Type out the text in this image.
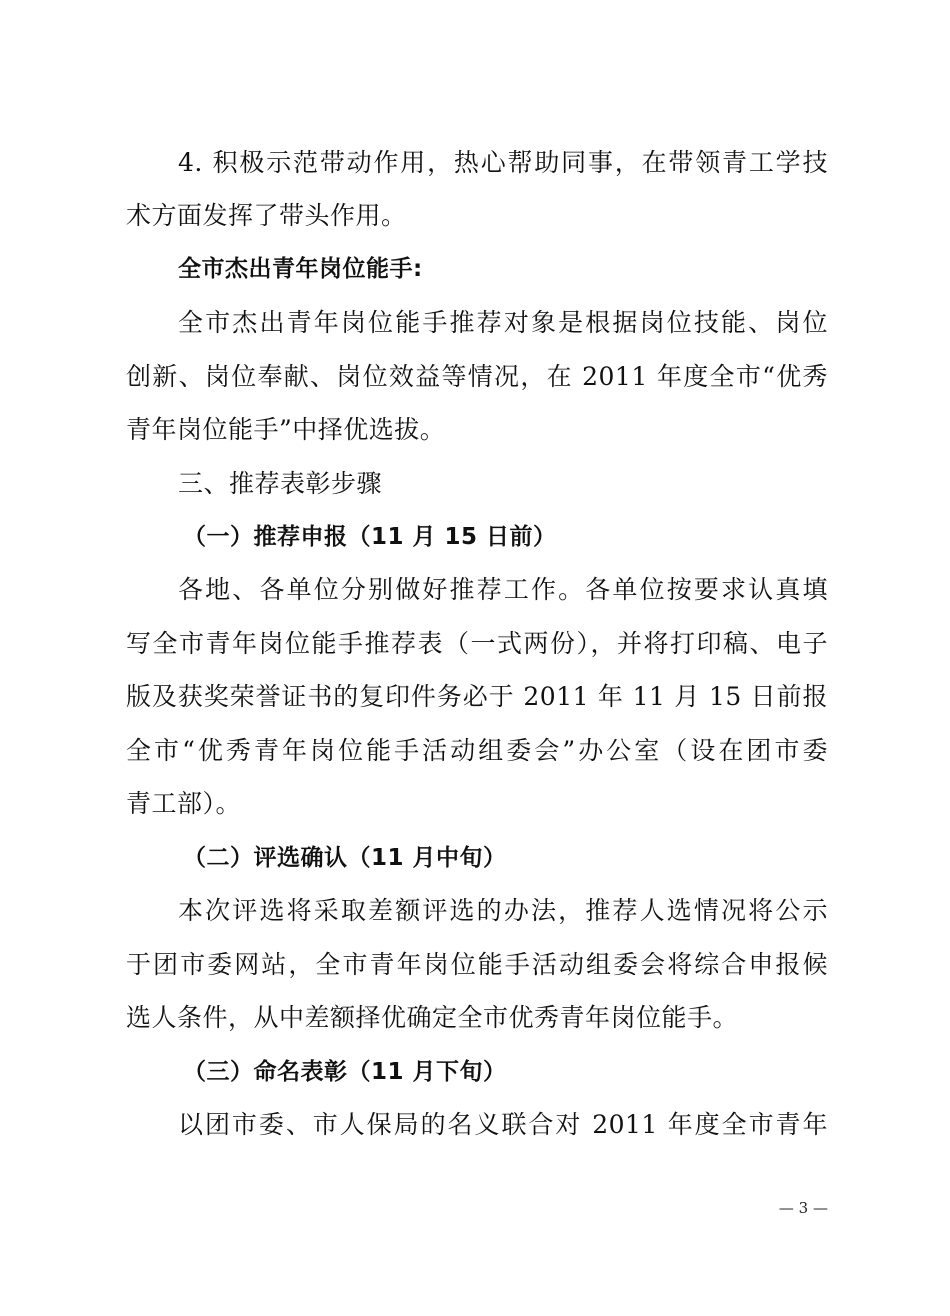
4. 积极示范带动作用，热心帮助同事，在带领青工学技
术方面发挥了带头作用。
全市杰出青年岗位能手:
全市杰出青年岗位能手推荐对象是根据岗位技能、岗位
创新、岗位奉献、岗位效益等情况，在 2011 年度全市“优秀
青年岗位能手”中择优选拔。
三、推荐表彰步骤
（一）推荐申报（11 月 15 日前）
各地、各单位分别做好推荐工作。各单位按要求认真填
写全市青年岗位能手推荐表（一式两份），并将打印稿、电子
版及获奖荣誉证书的复印件务必于 2011 年 11 月 15 日前报
全市“优秀青年岗位能手活动组委会”办公室（设在团市委
青工部）。
（二）评选确认（11 月中旬）
本次评选将采取差额评选的办法，推荐人选情况将公示
于团市委网站，全市青年岗位能手活动组委会将综合申报候
选人条件，从中差额择优确定全市优秀青年岗位能手。
（三）命名表彰（11 月下旬）
以团市委、市人保局的名义联合对 2011 年度全市青年
— 3 —
